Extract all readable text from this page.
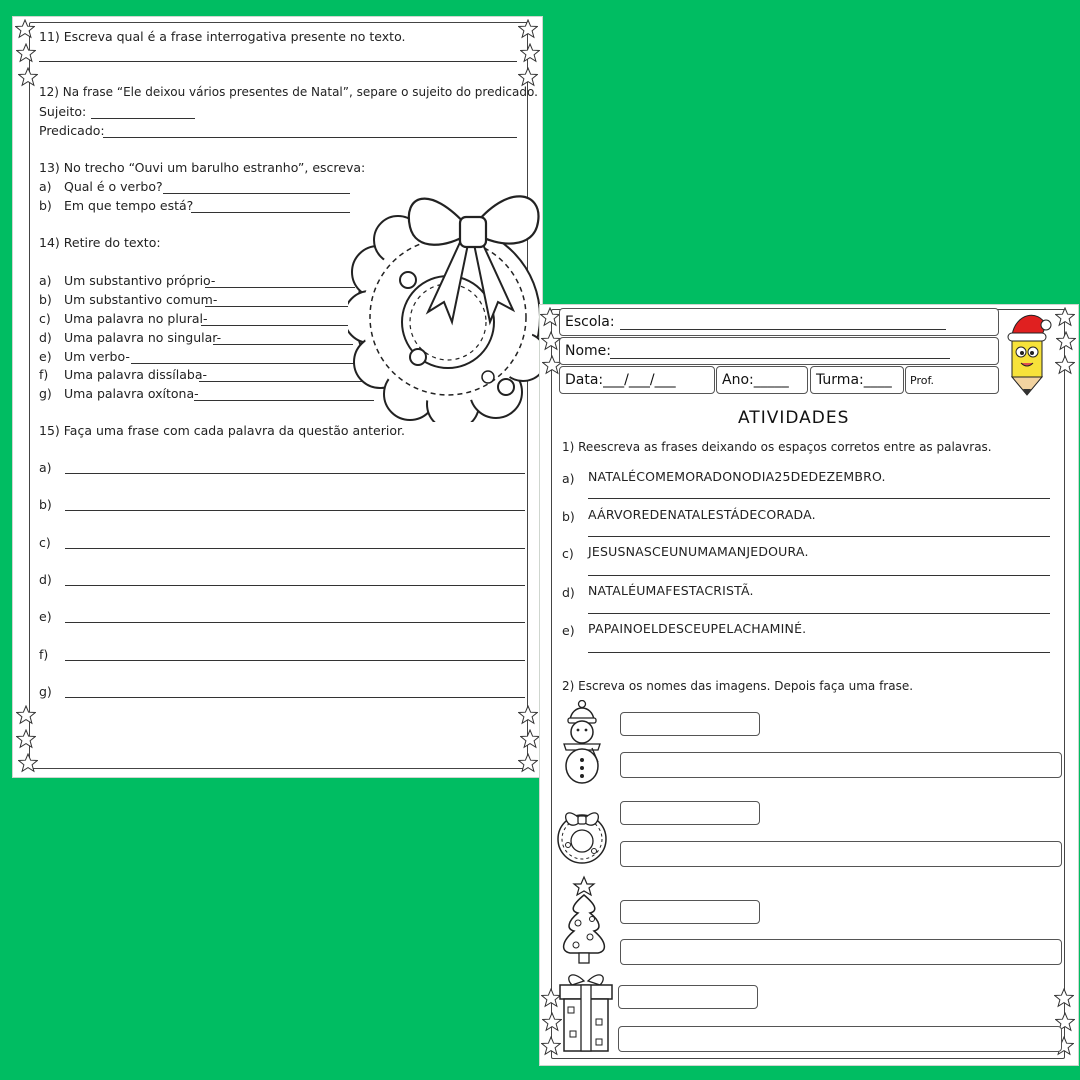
11) Escreva qual é a frase interrogativa presente no texto.
12) Na frase “Ele deixou vários presentes de Natal”, separe o sujeito do predicado.
Sujeito:
Predicado:
13) No trecho “Ouvi um barulho estranho”, escreva:
a) Qual é o verbo?
b) Em que tempo está?
14) Retire do texto:
a) Um substantivo próprio-
b) Um substantivo comum-
c) Uma palavra no plural-
d) Uma palavra no singular-
e) Um verbo-
f) Uma palavra dissílaba-
g) Uma palavra oxítona-
15) Faça uma frase com cada palavra da questão anterior.
a)
b)
c)
d)
e)
f)
g)
Escola:
Nome:
Data:___/___/___	Ano:_____ Turma:____ Prof.
ATIVIDADES
1) Reescreva as frases deixando os espaços corretos entre as palavras.
a) NATALÉCOMEMORADONODIA25DEDEZEMBRO.
b) AÁRVOREDENATALESTÁDECORADA.
c) JESUSNASCEUNUMAMANJEDOURA.
d) NATALÉUMAFESTACRISTÃ.
e) PAPAINOELDESCEUPELACHAMINÉ.
2) Escreva os nomes das imagens. Depois faça uma frase.
